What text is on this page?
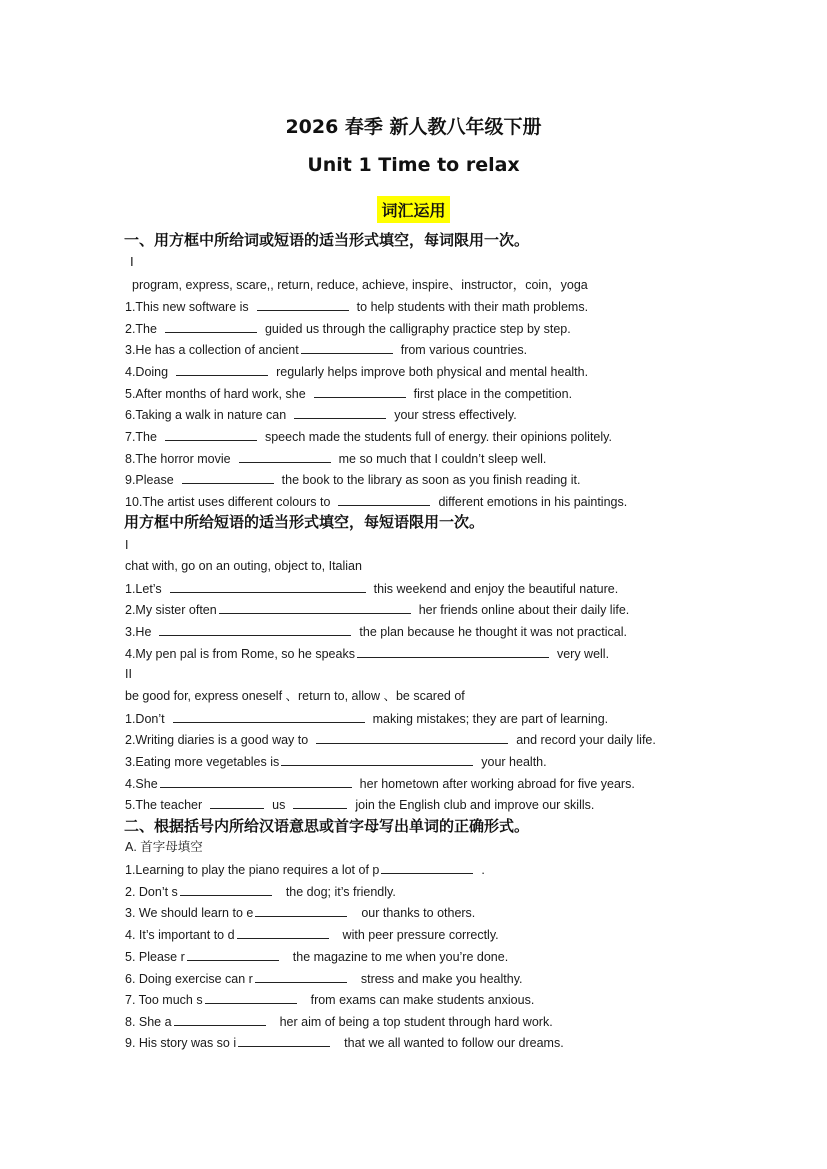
2026 春季 新人教八年级下册
Unit 1 Time to relax
词汇运用
一、用方框中所给词或短语的适当形式填空，每词限用一次。
Ⅰ
program, express, scare,, return, reduce, achieve, inspire、instructor，coin，yoga
1.This new software is	to help students with their math problems.
2.The	guided us through the calligraphy practice step by step.
3.He has a collection of ancient	from various countries.
4.Doing	regularly helps improve both physical and mental health.
5.After months of hard work, she	first place in the competition.
6.Taking a walk in nature can	your stress effectively.
7.The	speech made the students full of energy. their opinions politely.
8.The horror movie	me so much that I couldn’t sleep well.
9.Please	the book to the library as soon as you finish reading it.
10.The artist uses different colours to	different emotions in his paintings.
用方框中所给短语的适当形式填空，每短语限用一次。
I
chat with, go on an outing, object to, Italian
1.Let’s	this weekend and enjoy the beautiful nature.
2.My sister often	her friends online about their daily life.
3.He	the plan because he thought it was not practical.
4.My pen pal is from Rome, so he speaks	very well.
II
be good for, express oneself 、return to, allow 、be scared of
1.Don’t	making mistakes; they are part of learning.
2.Writing diaries is a good way to	and record your daily life.
3.Eating more vegetables is	your health.
4.She	her hometown after working abroad for five years.
5.The teacher	us	join the English club and improve our skills.
二、根据括号内所给汉语意思或首字母写出单词的正确形式。
A. 首字母填空
1.Learning to play the piano requires a lot of p	.
2. Don’t s	the dog; it’s friendly.
3. We should learn to e	our thanks to others.
4. It’s important to d	with peer pressure correctly.
5. Please r	the magazine to me when you’re done.
6. Doing exercise can r	stress and make you healthy.
7. Too much s	from exams can make students anxious.
8. She a	her aim of being a top student through hard work.
9. His story was so i	that we all wanted to follow our dreams.
